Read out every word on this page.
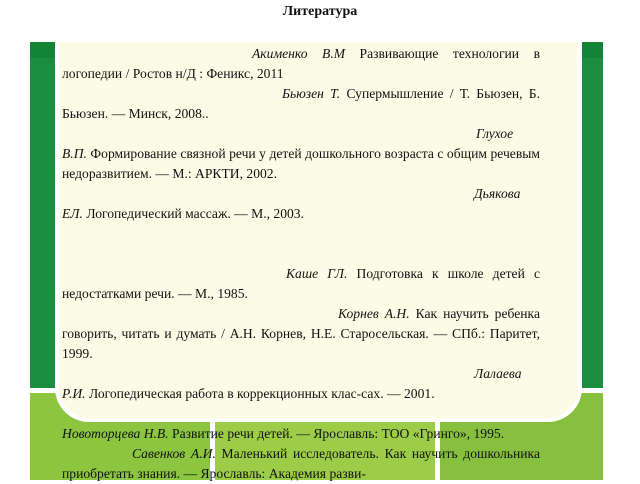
Литература

Акименко В.М Развивающие технологии в логопедии / Ростов н/Д : Феникс, 2011

Бьюзен Т. Супермышление / Т. Бьюзен, Б. Бьюзен. — Минск, 2008..

Глухое В.П. Формирование связной речи у детей дошкольного возраста с общим речевым недоразвитием. — М.: АРКТИ, 2002.

Дьякова ЕЛ. Логопедический массаж. — М., 2003.

Каше ГЛ. Подготовка к школе детей с недостатками речи. — М., 1985.

Корнев А.Н. Как научить ребенка говорить, читать и думать / А.Н. Корнев, Н.Е. Старосельская. — СПб.: Паритет, 1999.

Лалаева Р.И. Логопедическая работа в коррекционных клас-сах. — 2001.

Новоторцева Н.В. Развитие речи детей. — Ярославль: ТОО «Гринго», 1995.

Савенков А.И. Маленький исследователь. Как научить дошкольника приобретать знания. — Ярославль: Академия разви-
